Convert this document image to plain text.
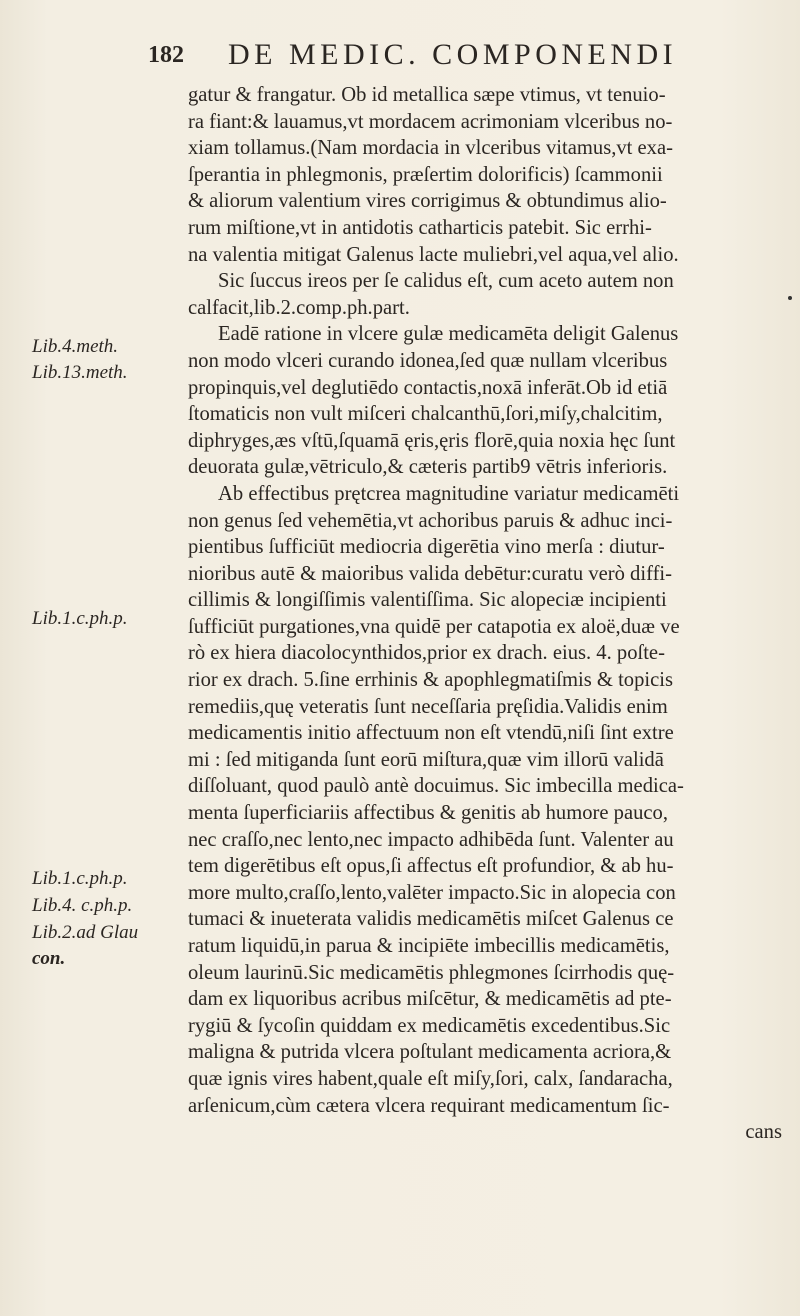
182 DE MEDIC. COMPONENDI
Lib.4.meth.
Lib.13.meth.
Lib.1.c.ph.p.
Lib.1.c.ph.p.
Lib.4. c.ph.p.
Lib.2.ad Glau
con.
gatur & frangatur. Ob id metallica sæpe vtimus, vt tenuio-
ra fiant:& lauamus,vt mordacem acrimoniam vlceribus no-
xiam tollamus.(Nam mordacia in vlceribus vitamus,vt exa-
ſperantia in phlegmonis, præſertim dolorificis) ſcammonii
& aliorum valentium vires corrigimus & obtundimus alio-
rum miſtione,vt in antidotis catharticis patebit. Sic errhi-
na valentia mitigat Galenus lacte muliebri,vel aqua,vel alio.
Sic ſuccus ireos per ſe calidus eſt, cum aceto autem non
calfacit,lib.2.comp.ph.part.
Eadē ratione in vlcere gulæ medicamēta deligit Galenus
non modo vlceri curando idonea,ſed quæ nullam vlceribus
propinquis,vel deglutiēdo contactis,noxā inferāt.Ob id etiā
ſtomaticis non vult miſceri chalcanthū,ſori,miſy,chalcitim,
diphryges,æs vſtū,ſquamā ęris,ęris florē,quia noxia hęc ſunt
deuorata gulæ,vētriculo,& cæteris partib9 vētris inferioris.
Ab effectibus prętcrea magnitudine variatur medicamēti
non genus ſed vehemētia,vt achoribus paruis & adhuc inci-
pientibus ſufficiūt mediocria digerētia vino merſa : diutur-
nioribus autē & maioribus valida debētur:curatu verò diffi-
cillimis & longiſſimis valentiſſima. Sic alopeciæ incipienti
ſufficiūt purgationes,vna quidē per catapotia ex aloë,duæ ve
rò ex hiera diacolocynthidos,prior ex drach. eius. 4. poſte-
rior ex drach. 5.ſine errhinis & apophlegmatiſmis & topicis
remediis,quę veteratis ſunt neceſſaria pręſidia.Validis enim
medicamentis initio affectuum non eſt vtendū,niſi ſint extre
mi : ſed mitiganda ſunt eorū miſtura,quæ vim illorū validā
diſſoluant, quod paulò antè docuimus. Sic imbecilla medica-
menta ſuperficiariis affectibus & genitis ab humore pauco,
nec craſſo,nec lento,nec impacto adhibēda ſunt. Valenter au
tem digerētibus eſt opus,ſi affectus eſt profundior, & ab hu-
more multo,craſſo,lento,valēter impacto.Sic in alopecia con
tumaci & inueterata validis medicamētis miſcet Galenus ce
ratum liquidū,in parua & incipiēte imbecillis medicamētis,
oleum laurinū.Sic medicamētis phlegmones ſcirrhodis quę-
dam ex liquoribus acribus miſcētur, & medicamētis ad pte-
rygiū & ſycoſin quiddam ex medicamētis excedentibus.Sic
maligna & putrida vlcera poſtulant medicamenta acriora,&
quæ ignis vires habent,quale eſt miſy,ſori, calx, ſandaracha,
arſenicum,cùm cætera vlcera requirant medicamentum ſic-
cans
